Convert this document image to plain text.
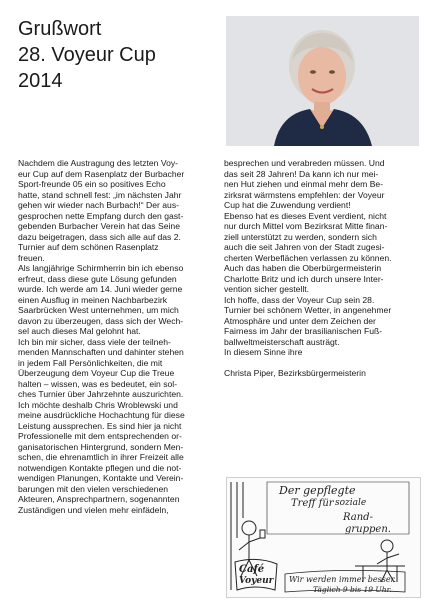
Grußwort
28. Voyeur Cup
2014

Nachdem die Austragung des letzten Voy-

eur Cup auf dem Rasenplatz der Burbacher

Sport-freunde 05 ein so positives Echo

hatte, stand schnell fest: „im nächsten Jahr

gehen wir wieder nach Burbach!“ Der aus-

gesprochen nette Empfang durch den gast-

gebenden Burbacher Verein hat das Seine

dazu beigetragen, dass sich alle auf das 2.

Turnier auf dem schönen Rasenplatz

freuen.

Als langjährige Schirmherrin bin ich ebenso

erfreut, dass diese gute Lösung gefunden

wurde. Ich werde am 14. Juni wieder gerne

einen Ausflug in meinen Nachbarbezirk

Saarbrücken West unternehmen, um mich

davon zu überzeugen, dass sich der Wech-

sel auch dieses Mal gelohnt hat.

Ich bin mir sicher, dass viele der teilneh-

menden Mannschaften und dahinter stehen

in jedem Fall Persönlichkeiten, die mit

Überzeugung dem Voyeur Cup die Treue

halten – wissen, was es bedeutet, ein sol-

ches Turnier über Jahrzehnte auszurichten.

Ich möchte deshalb Chris Wroblewski und

meine ausdrückliche Hochachtung für diese

Leistung aussprechen. Es sind hier ja nicht

Professionelle mit dem entsprechenden or-

ganisatorischen Hintergrund, sondern Men-

schen, die ehrenamtlich in ihrer Freizeit alle

notwendigen Kontakte pflegen und die not-

wendigen Planungen, Kontakte und Verein-

barungen mit den vielen verschiedenen

Akteuren, Ansprechpartnern, sogenannten

Zuständigen und vielen mehr einfädeln,

besprechen und verabreden müssen. Und

das seit 28 Jahren! Da kann ich nur mei-

nen Hut ziehen und einmal mehr dem Be-

zirksrat wärmstens empfehlen: der Voyeur

Cup hat die Zuwendung verdient!

Ebenso hat es dieses Event verdient, nicht

nur durch Mittel vom Bezirksrat Mitte finan-

ziell unterstützt zu werden, sondern sich

auch die seit Jahren von der Stadt zugesi-

cherten Werbeflächen verlassen zu können.

Auch das haben die Oberbürgermeisterin

Charlotte Britz und ich durch unsere Inter-

vention sicher gestellt.

Ich hoffe, dass der Voyeur Cup sein 28.

Turnier bei schönem Wetter, in angenehmer

Atmosphäre und unter dem Zeichen der

Fairness im Jahr der brasilianischen Fuß-

ballweltmeisterschaft austrägt.

In diesem Sinne ihre

Christa Piper, Bezirksbürgermeisterin

Der gepflegte
Treff für soziale
Rand-
gruppen.
Café
Voyeur Wir werden immer besser.
Täglich 9 bis 19 Uhr.
